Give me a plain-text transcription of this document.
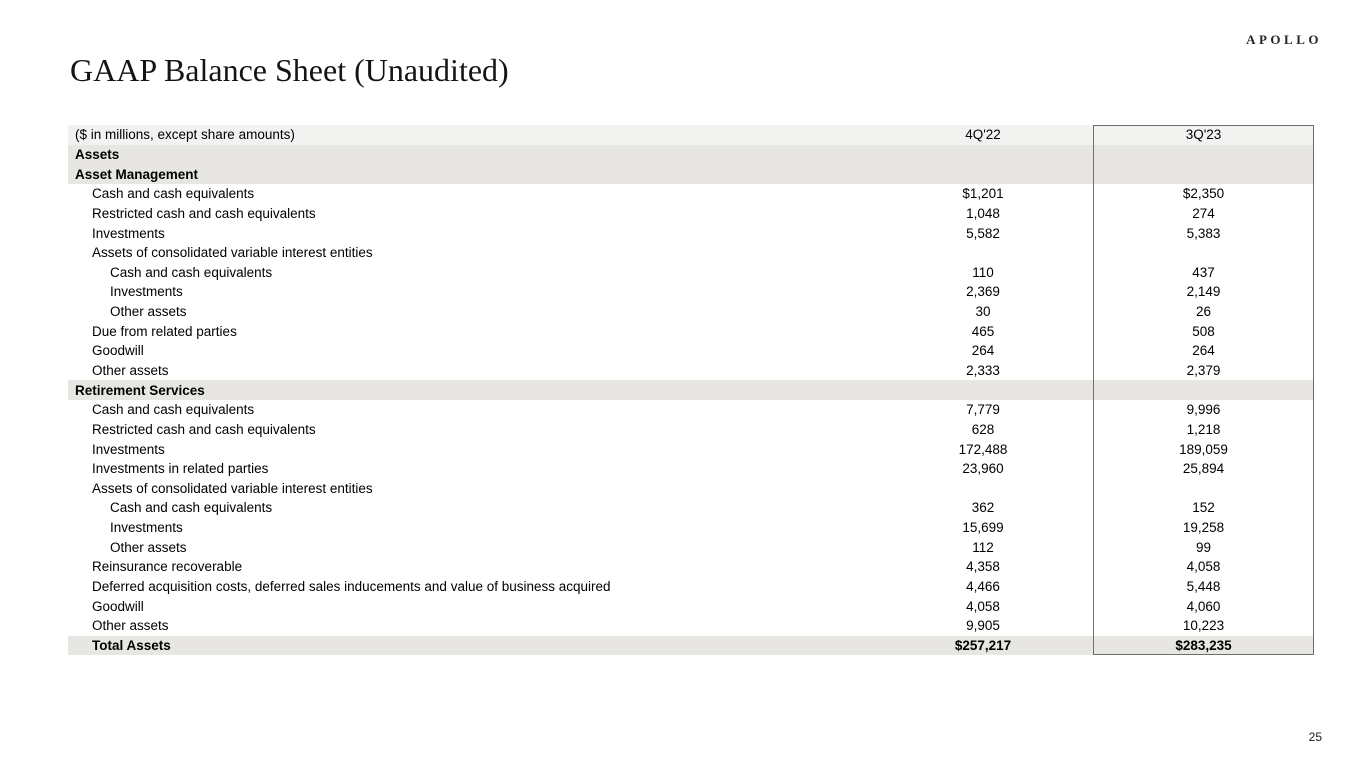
APOLLO
GAAP Balance Sheet (Unaudited)
($ in millions, except share amounts)	4Q'22	3Q'23
Assets
Asset Management
Cash and cash equivalents	$1,201	$2,350
Restricted cash and cash equivalents	1,048	274
Investments	5,582	5,383
Assets of consolidated variable interest entities
Cash and cash equivalents	110	437
Investments	2,369	2,149
Other assets	30	26
Due from related parties	465	508
Goodwill	264	264
Other assets	2,333	2,379
Retirement Services
Cash and cash equivalents	7,779	9,996
Restricted cash and cash equivalents	628	1,218
Investments	172,488	189,059
Investments in related parties	23,960	25,894
Assets of consolidated variable interest entities
Cash and cash equivalents	362	152
Investments	15,699	19,258
Other assets	112	99
Reinsurance recoverable	4,358	4,058
Deferred acquisition costs, deferred sales inducements and value of business acquired	4,466	5,448
Goodwill	4,058	4,060
Other assets	9,905	10,223
Total Assets	$257,217	$283,235
25
